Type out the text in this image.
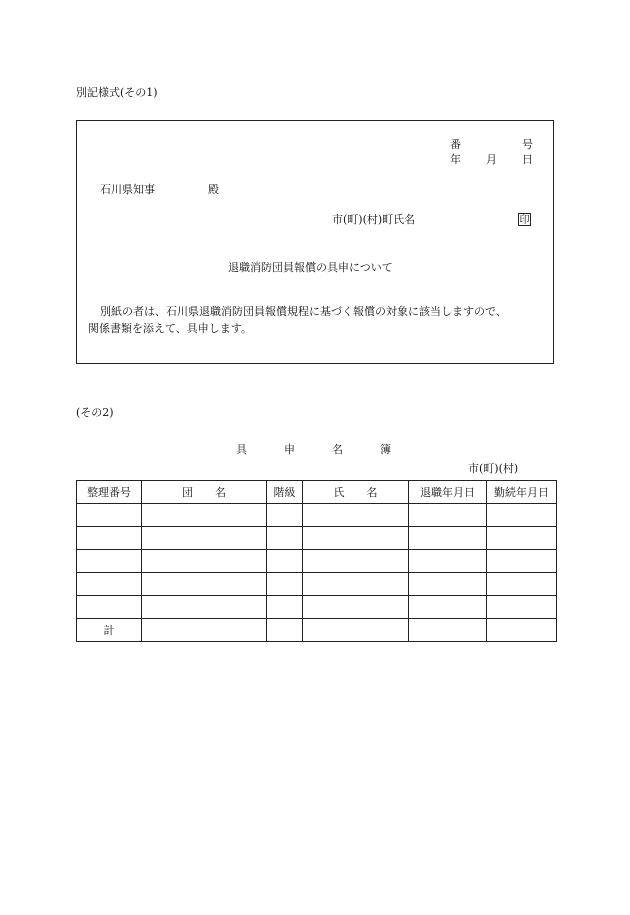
別記様式(その1)
番	号
年 月 日
石川県知事	殿
市(町)(村)町氏名	印
退職消防団員報償の具申について
別紙の者は、石川県退職消防団員報償規程に基づく報償の対象に該当しますので、
関係書類を添えて、具申します。
(その2)
具	申	名	簿
市(町)(村)
整理番号	団　　名	階級	氏　　名	退職年月日	勤続年月日

計					
